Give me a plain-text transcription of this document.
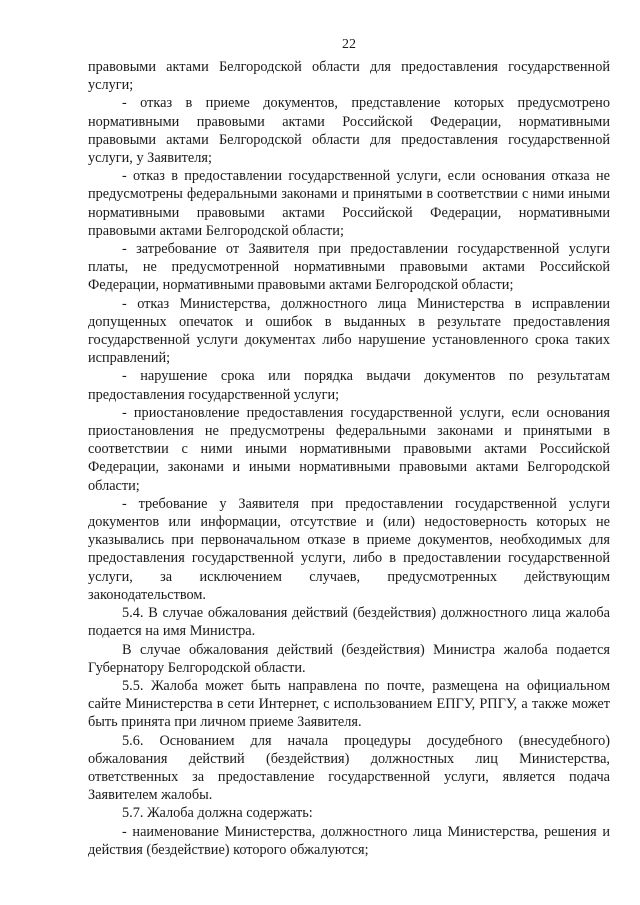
22

правовыми актами Белгородской области для предоставления государственной услуги;

- отказ в приеме документов, представление которых предусмотрено нормативными правовыми актами Российской Федерации, нормативными правовыми актами Белгородской области для предоставления государственной услуги, у Заявителя;

- отказ в предоставлении государственной услуги, если основания отказа не предусмотрены федеральными законами и принятыми в соответствии с ними иными нормативными правовыми актами Российской Федерации, нормативными правовыми актами Белгородской области;

- затребование от Заявителя при предоставлении государственной услуги платы, не предусмотренной нормативными правовыми актами Российской Федерации, нормативными правовыми актами Белгородской области;

- отказ Министерства, должностного лица Министерства в исправлении допущенных опечаток и ошибок в выданных в результате предоставления государственной услуги документах либо нарушение установленного срока таких исправлений;

- нарушение срока или порядка выдачи документов по результатам предоставления государственной услуги;

- приостановление предоставления государственной услуги, если основания приостановления не предусмотрены федеральными законами и принятыми в соответствии с ними иными нормативными правовыми актами Российской Федерации, законами и иными нормативными правовыми актами Белгородской области;

- требование у Заявителя при предоставлении государственной услуги документов или информации, отсутствие и (или) недостоверность которых не указывались при первоначальном отказе в приеме документов, необходимых для предоставления государственной услуги, либо в предоставлении государственной услуги, за исключением случаев, предусмотренных действующим законодательством.

5.4. В случае обжалования действий (бездействия) должностного лица жалоба подается на имя Министра.

В случае обжалования действий (бездействия) Министра жалоба подается Губернатору Белгородской области.

5.5. Жалоба может быть направлена по почте, размещена на официальном сайте Министерства в сети Интернет, с использованием ЕПГУ, РПГУ, а также может быть принята при личном приеме Заявителя.

5.6. Основанием для начала процедуры досудебного (внесудебного) обжалования действий (бездействия) должностных лиц Министерства, ответственных за предоставление государственной услуги, является подача Заявителем жалобы.

5.7. Жалоба должна содержать:

- наименование Министерства, должностного лица Министерства, решения и действия (бездействие) которого обжалуются;
